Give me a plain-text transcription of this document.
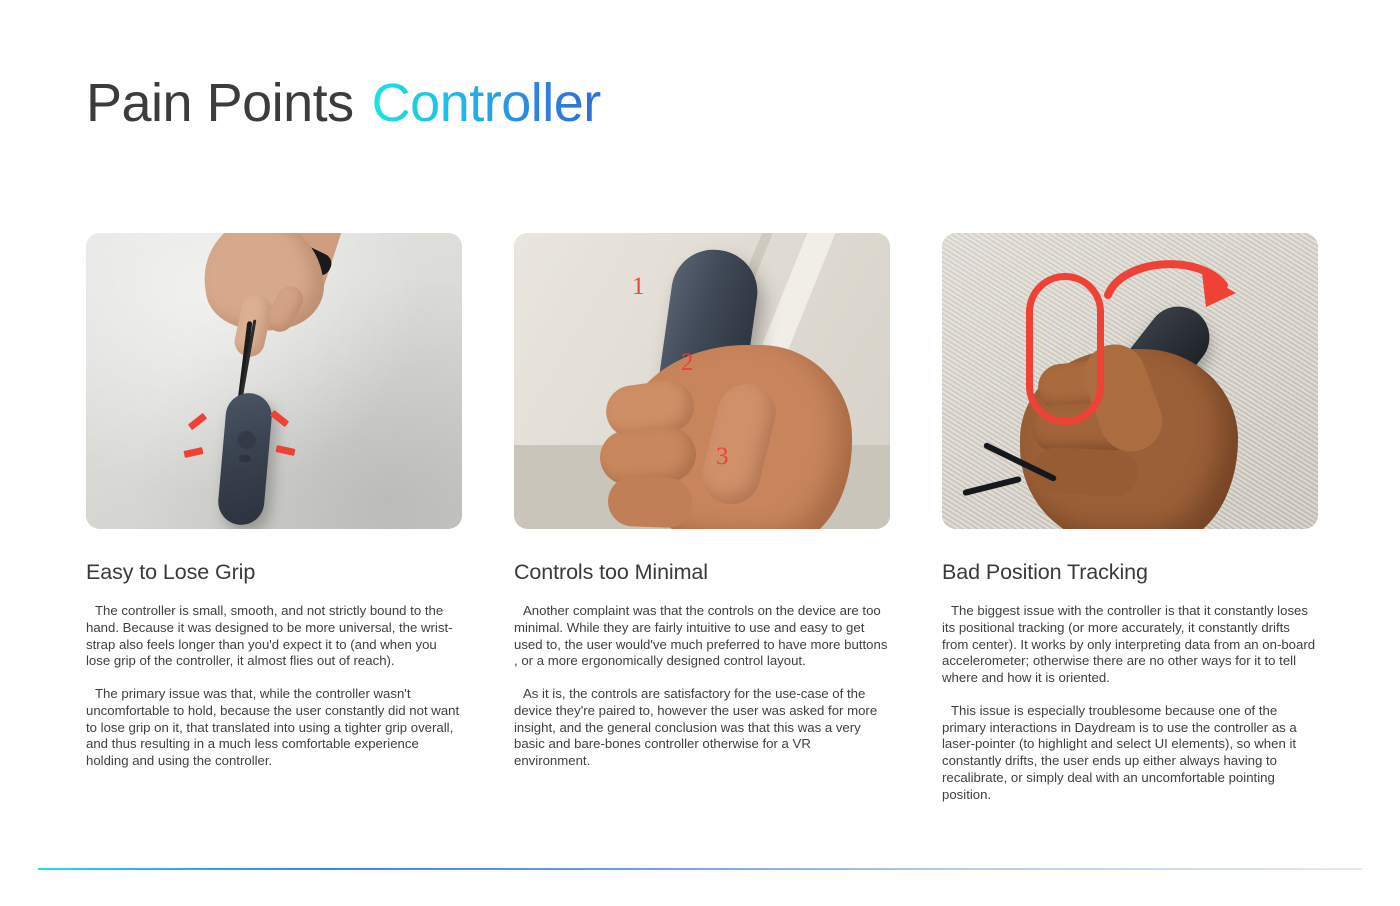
Pain Points Controller
Easy to Lose Grip

The controller is small, smooth, and not strictly bound to the hand. Because it was designed to be more universal, the wrist-strap also feels longer than you'd expect it to (and when you lose grip of the controller, it almost flies out of reach).

The primary issue was that, while the controller wasn't uncomfortable to hold, because the user constantly did not want to lose grip on it, that translated into using a tighter grip overall, and thus resulting in a much less comfortable experience holding and using the controller.

1
2
3
Controls too Minimal

Another complaint was that the controls on the device are too minimal. While they are fairly intuitive to use and easy to get used to, the user would've much preferred to have more buttons , or a more ergonomically designed control layout.

As it is, the controls are satisfactory for the use-case of the device they're paired to, however the user was asked for more insight, and the general conclusion was that this was a very basic and bare-bones controller otherwise for a VR environment.

Bad Position Tracking

The biggest issue with the controller is that it constantly loses its positional tracking (or more accurately, it constantly drifts from center). It works by only interpreting data from an on-board accelerometer; otherwise there are no other ways for it to tell where and how it is oriented.

This issue is especially troublesome because one of the primary interactions in Daydream is to use the controller as a laser-pointer (to highlight and select UI elements), so when it constantly drifts, the user ends up either always having to recalibrate, or simply deal with an uncomfortable pointing position.
